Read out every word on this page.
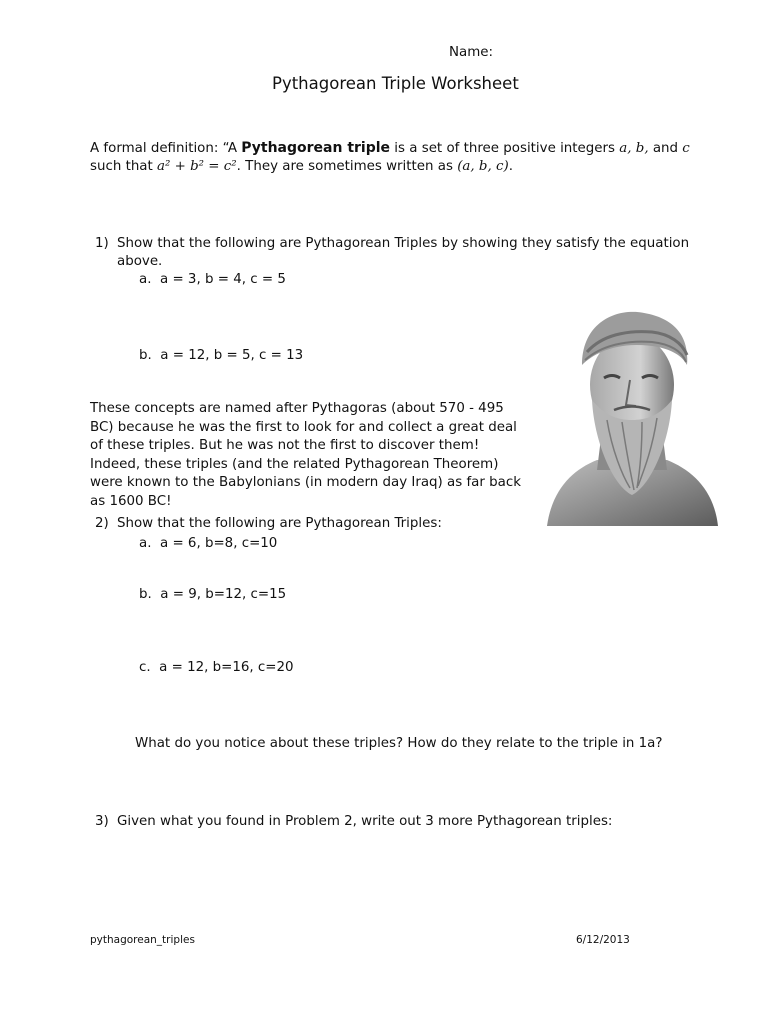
Name:
Pythagorean Triple Worksheet
A formal definition: “A Pythagorean triple is a set of three positive integers a, b, and c
such that a² + b² = c². They are sometimes written as (a, b, c).
1) Show that the following are Pythagorean Triples by showing they satisfy the equation
above.
a. a = 3, b = 4, c = 5
b. a = 12, b = 5, c = 13
These concepts are named after Pythagoras (about 570 - 495
BC) because he was the first to look for and collect a great deal
of these triples. But he was not the first to discover them!
Indeed, these triples (and the related Pythagorean Theorem)
were known to the Babylonians (in modern day Iraq) as far back
as 1600 BC!
2) Show that the following are Pythagorean Triples:
a. a = 6, b=8, c=10
b. a = 9, b=12, c=15
c. a = 12, b=16, c=20
What do you notice about these triples? How do they relate to the triple in 1a?
3) Given what you found in Problem 2, write out 3 more Pythagorean triples:
pythagorean_triples	6/12/2013
